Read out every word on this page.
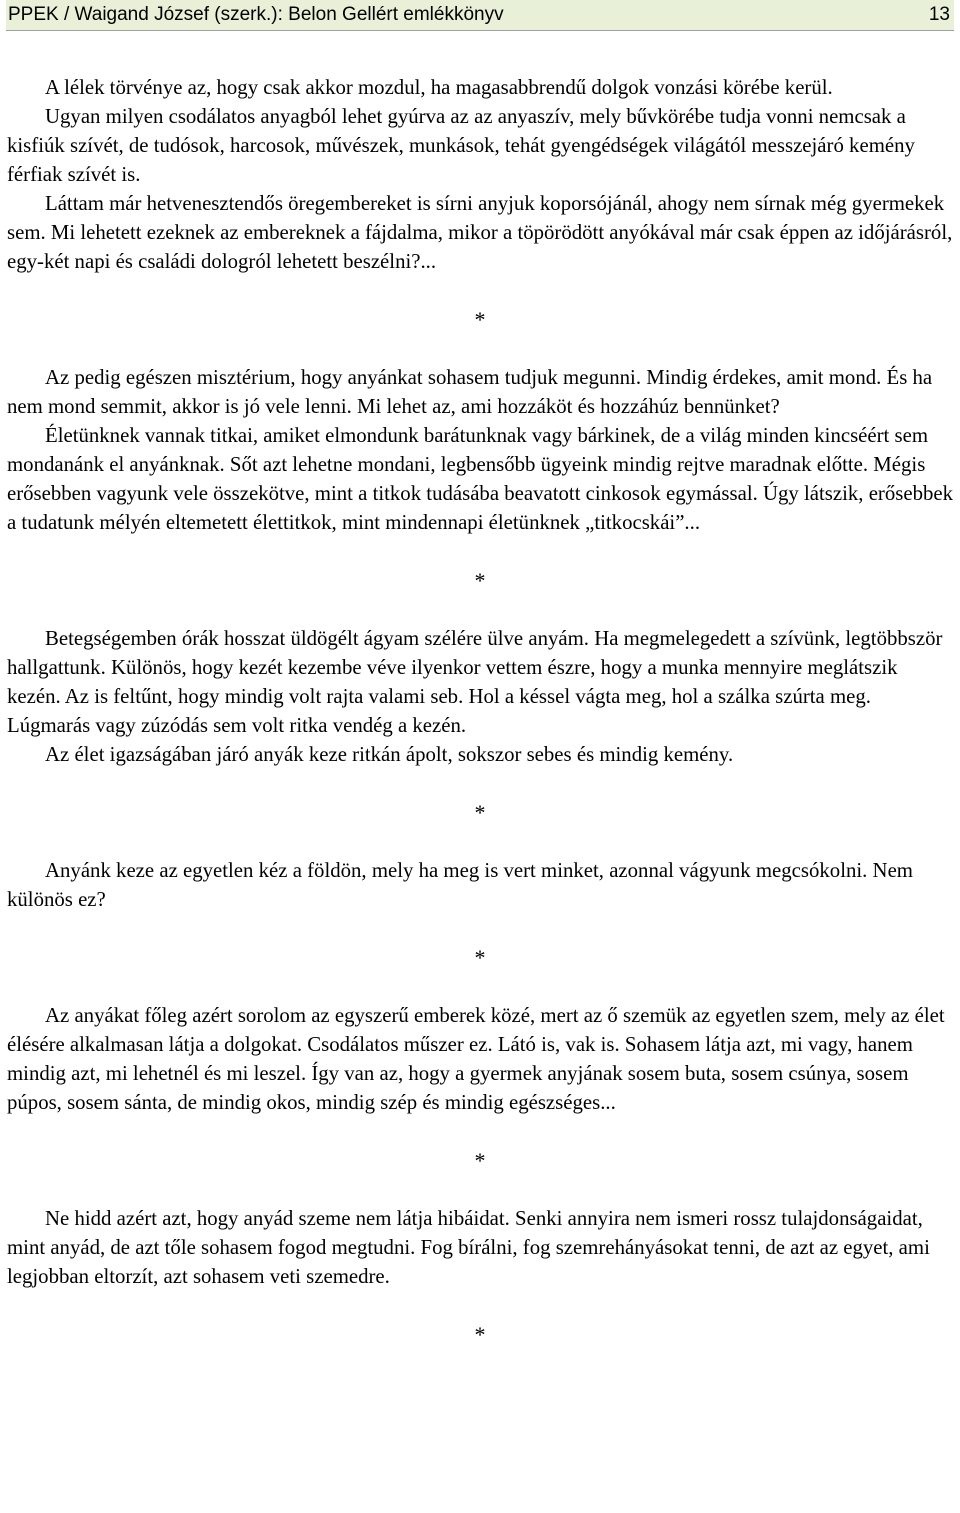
PPEK / Waigand József (szerk.): Belon Gellért emlékkönyv	13

A lélek törvénye az, hogy csak akkor mozdul, ha magasabbrendű dolgok vonzási körébe kerül.

Ugyan milyen csodálatos anyagból lehet gyúrva az az anyaszív, mely bűvkörébe tudja vonni nemcsak a kisfiúk szívét, de tudósok, harcosok, művészek, munkások, tehát gyengédségek világától messzejáró kemény férfiak szívét is.

Láttam már hetvenesztendős öregembereket is sírni anyjuk koporsójánál, ahogy nem sírnak még gyermekek sem. Mi lehetett ezeknek az embereknek a fájdalma, mikor a töpörödött anyókával már csak éppen az időjárásról, egy-két napi és családi dologról lehetett beszélni?...

*

Az pedig egészen misztérium, hogy anyánkat sohasem tudjuk megunni. Mindig érdekes, amit mond. És ha nem mond semmit, akkor is jó vele lenni. Mi lehet az, ami hozzáköt és hozzáhúz bennünket?

Életünknek vannak titkai, amiket elmondunk barátunknak vagy bárkinek, de a világ minden kincséért sem mondanánk el anyánknak. Sőt azt lehetne mondani, legbensőbb ügyeink mindig rejtve maradnak előtte. Mégis erősebben vagyunk vele összekötve, mint a titkok tudásába beavatott cinkosok egymással. Úgy látszik, erősebbek a tudatunk mélyén eltemetett élettitkok, mint mindennapi életünknek „titkocskái”...

*

Betegségemben órák hosszat üldögélt ágyam szélére ülve anyám. Ha megmelegedett a szívünk, legtöbbször hallgattunk. Különös, hogy kezét kezembe véve ilyenkor vettem észre, hogy a munka mennyire meglátszik kezén. Az is feltűnt, hogy mindig volt rajta valami seb. Hol a késsel vágta meg, hol a szálka szúrta meg. Lúgmarás vagy zúzódás sem volt ritka vendég a kezén.

Az élet igazságában járó anyák keze ritkán ápolt, sokszor sebes és mindig kemény.

*

Anyánk keze az egyetlen kéz a földön, mely ha meg is vert minket, azonnal vágyunk megcsókolni. Nem különös ez?

*

Az anyákat főleg azért sorolom az egyszerű emberek közé, mert az ő szemük az egyetlen szem, mely az élet élésére alkalmasan látja a dolgokat. Csodálatos műszer ez. Látó is, vak is. Sohasem látja azt, mi vagy, hanem mindig azt, mi lehetnél és mi leszel. Így van az, hogy a gyermek anyjának sosem buta, sosem csúnya, sosem púpos, sosem sánta, de mindig okos, mindig szép és mindig egészséges...

*

Ne hidd azért azt, hogy anyád szeme nem látja hibáidat. Senki annyira nem ismeri rossz tulajdonságaidat, mint anyád, de azt tőle sohasem fogod megtudni. Fog bírálni, fog szemrehányásokat tenni, de azt az egyet, ami legjobban eltorzít, azt sohasem veti szemedre.

*
